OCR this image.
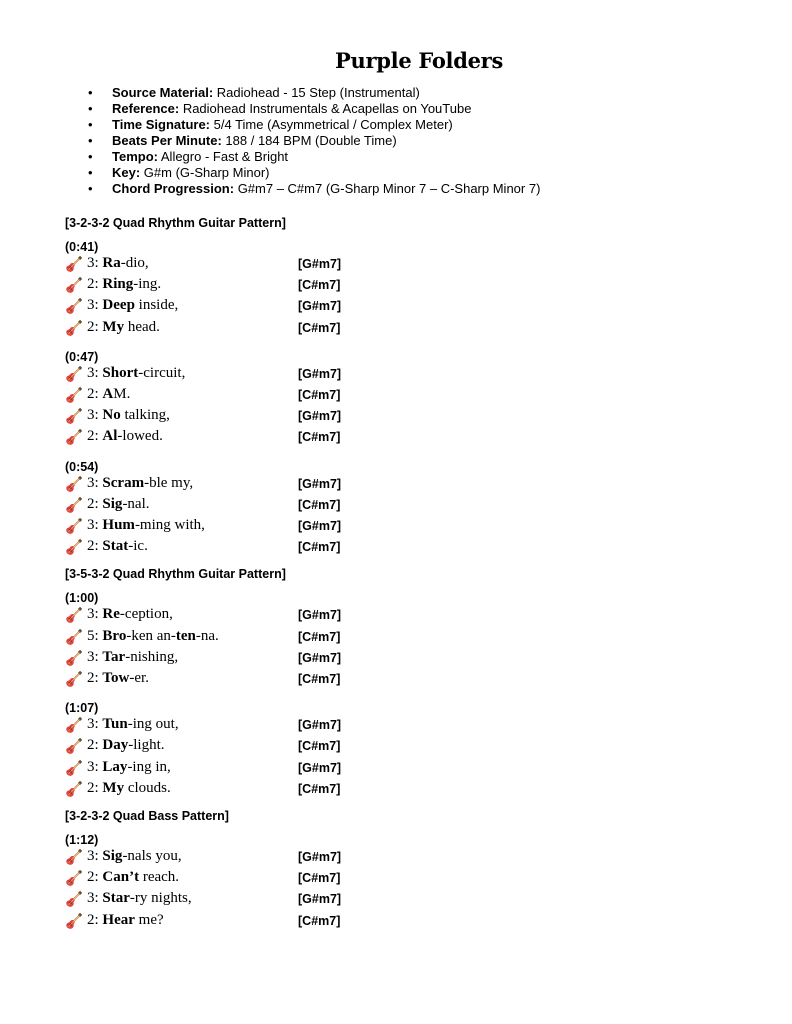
Purple Folders
• Source Material: Radiohead - 15 Step (Instrumental)
• Reference: Radiohead Instrumentals & Acapellas on YouTube
• Time Signature: 5/4 Time (Asymmetrical / Complex Meter)
• Beats Per Minute: 188 / 184 BPM (Double Time)
• Tempo: Allegro - Fast & Bright
• Key: G#m (G-Sharp Minor)
• Chord Progression: G#m7 – C#m7 (G-Sharp Minor 7 – C-Sharp Minor 7)
[3-2-3-2 Quad Rhythm Guitar Pattern]
(0:41)
3: Ra-dio,	[G#m7]
2: Ring-ing.	[C#m7]
3: Deep inside,	[G#m7]
2: My head.	[C#m7]
(0:47)
3: Short-circuit,	[G#m7]
2: AM.	[C#m7]
3: No talking,	[G#m7]
2: Al-lowed.	[C#m7]
(0:54)
3: Scram-ble my,	[G#m7]
2: Sig-nal.	[C#m7]
3: Hum-ming with,	[G#m7]
2: Stat-ic.	[C#m7]
[3-5-3-2 Quad Rhythm Guitar Pattern]
(1:00)
3: Re-ception,	[G#m7]
5: Bro-ken an-ten-na.	[C#m7]
3: Tar-nishing,	[G#m7]
2: Tow-er.	[C#m7]
(1:07)
3: Tun-ing out,	[G#m7]
2: Day-light.	[C#m7]
3: Lay-ing in,	[G#m7]
2: My clouds.	[C#m7]
[3-2-3-2 Quad Bass Pattern]
(1:12)
3: Sig-nals you,	[G#m7]
2: Can’t reach.	[C#m7]
3: Star-ry nights,	[G#m7]
2: Hear me?	[C#m7]
